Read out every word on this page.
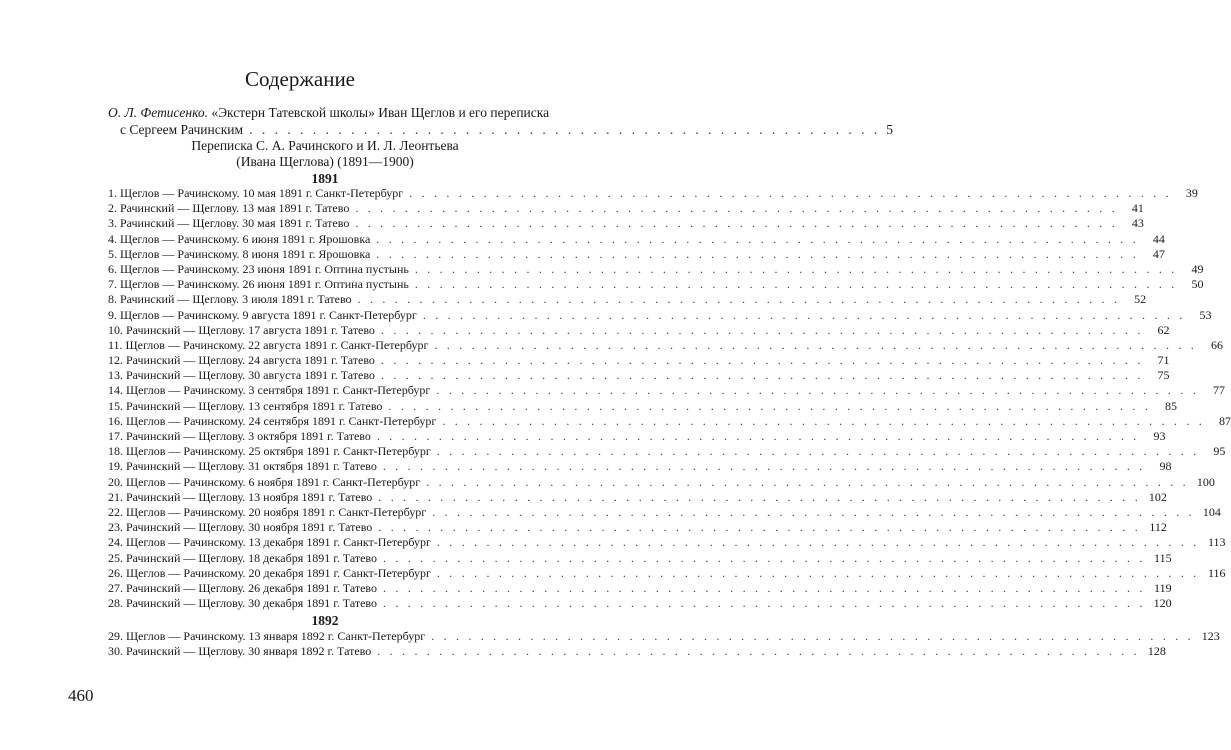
Содержание
О. Л. Фетисенко. «Экстерн Татевской школы» Иван Щеглов и его переписка
с Сергеем Рачинским . . . . . . . . . . . . . . . . . . . . . . . . . . . . . . . . . . . . . . . . . . . . . . . . . . 5
Переписка С. А. Рачинского и И. Л. Леонтьева
(Ивана Щеглова) (1891—1900)
1891
1. Щеглов — Рачинскому. 10 мая 1891 г. Санкт-Петербург . . . . . . . . . . . . . . . . . . . . . . . . . . . . . . . . . . . . . . . . . . . . . . . . . . . . . . . . . . . . . .	39
2. Рачинский — Щеглову. 13 мая 1891 г. Татево . . . . . . . . . . . . . . . . . . . . . . . . . . . . . . . . . . . . . . . . . . . . . . . . . . . . . . . . . . . . . .	41
3. Рачинский — Щеглову. 30 мая 1891 г. Татево . . . . . . . . . . . . . . . . . . . . . . . . . . . . . . . . . . . . . . . . . . . . . . . . . . . . . . . . . . . . . .	43
4. Щеглов — Рачинскому. 6 июня 1891 г. Ярошовка . . . . . . . . . . . . . . . . . . . . . . . . . . . . . . . . . . . . . . . . . . . . . . . . . . . . . . . . . . . . . .	44
5. Щеглов — Рачинскому. 8 июня 1891 г. Ярошовка . . . . . . . . . . . . . . . . . . . . . . . . . . . . . . . . . . . . . . . . . . . . . . . . . . . . . . . . . . . . . .	47
6. Щеглов — Рачинскому. 23 июня 1891 г. Оптина пустынь . . . . . . . . . . . . . . . . . . . . . . . . . . . . . . . . . . . . . . . . . . . . . . . . . . . . . . . . . . . . . .	49
7. Щеглов — Рачинскому. 26 июня 1891 г. Оптина пустынь . . . . . . . . . . . . . . . . . . . . . . . . . . . . . . . . . . . . . . . . . . . . . . . . . . . . . . . . . . . . . .	50
8. Рачинский — Щеглову. 3 июля 1891 г. Татево . . . . . . . . . . . . . . . . . . . . . . . . . . . . . . . . . . . . . . . . . . . . . . . . . . . . . . . . . . . . . .	52
9. Щеглов — Рачинскому. 9 августа 1891 г. Санкт-Петербург . . . . . . . . . . . . . . . . . . . . . . . . . . . . . . . . . . . . . . . . . . . . . . . . . . . . . . . . . . . . . .	53
10. Рачинский — Щеглову. 17 августа 1891 г. Татево . . . . . . . . . . . . . . . . . . . . . . . . . . . . . . . . . . . . . . . . . . . . . . . . . . . . . . . . . . . . . .	62
11. Щеглов — Рачинскому. 22 августа 1891 г. Санкт-Петербург . . . . . . . . . . . . . . . . . . . . . . . . . . . . . . . . . . . . . . . . . . . . . . . . . . . . . . . . . . . . . .	66
12. Рачинский — Щеглову. 24 августа 1891 г. Татево . . . . . . . . . . . . . . . . . . . . . . . . . . . . . . . . . . . . . . . . . . . . . . . . . . . . . . . . . . . . . .	71
13. Рачинский — Щеглову. 30 августа 1891 г. Татево . . . . . . . . . . . . . . . . . . . . . . . . . . . . . . . . . . . . . . . . . . . . . . . . . . . . . . . . . . . . . .	75
14. Щеглов — Рачинскому. 3 сентября 1891 г. Санкт-Петербург . . . . . . . . . . . . . . . . . . . . . . . . . . . . . . . . . . . . . . . . . . . . . . . . . . . . . . . . . . . . . .	77
15. Рачинский — Щеглову. 13 сентября 1891 г. Татево . . . . . . . . . . . . . . . . . . . . . . . . . . . . . . . . . . . . . . . . . . . . . . . . . . . . . . . . . . . . . .	85
16. Щеглов — Рачинскому. 24 сентября 1891 г. Санкт-Петербург . . . . . . . . . . . . . . . . . . . . . . . . . . . . . . . . . . . . . . . . . . . . . . . . . . . . . . . . . . . . . .	87
17. Рачинский — Щеглову. 3 октября 1891 г. Татево . . . . . . . . . . . . . . . . . . . . . . . . . . . . . . . . . . . . . . . . . . . . . . . . . . . . . . . . . . . . . .	93
18. Щеглов — Рачинскому. 25 октября 1891 г. Санкт-Петербург . . . . . . . . . . . . . . . . . . . . . . . . . . . . . . . . . . . . . . . . . . . . . . . . . . . . . . . . . . . . . .	95
19. Рачинский — Щеглову. 31 октября 1891 г. Татево . . . . . . . . . . . . . . . . . . . . . . . . . . . . . . . . . . . . . . . . . . . . . . . . . . . . . . . . . . . . . .	98
20. Щеглов — Рачинскому. 6 ноября 1891 г. Санкт-Петербург . . . . . . . . . . . . . . . . . . . . . . . . . . . . . . . . . . . . . . . . . . . . . . . . . . . . . . . . . . . . . . 100
21. Рачинский — Щеглову. 13 ноября 1891 г. Татево . . . . . . . . . . . . . . . . . . . . . . . . . . . . . . . . . . . . . . . . . . . . . . . . . . . . . . . . . . . . . . 102
22. Щеглов — Рачинскому. 20 ноября 1891 г. Санкт-Петербург . . . . . . . . . . . . . . . . . . . . . . . . . . . . . . . . . . . . . . . . . . . . . . . . . . . . . . . . . . . . . . 104
23. Рачинский — Щеглову. 30 ноября 1891 г. Татево . . . . . . . . . . . . . . . . . . . . . . . . . . . . . . . . . . . . . . . . . . . . . . . . . . . . . . . . . . . . . . 112
24. Щеглов — Рачинскому. 13 декабря 1891 г. Санкт-Петербург . . . . . . . . . . . . . . . . . . . . . . . . . . . . . . . . . . . . . . . . . . . . . . . . . . . . . . . . . . . . . . 113
25. Рачинский — Щеглову. 18 декабря 1891 г. Татево . . . . . . . . . . . . . . . . . . . . . . . . . . . . . . . . . . . . . . . . . . . . . . . . . . . . . . . . . . . . . . 115
26. Щеглов — Рачинскому. 20 декабря 1891 г. Санкт-Петербург . . . . . . . . . . . . . . . . . . . . . . . . . . . . . . . . . . . . . . . . . . . . . . . . . . . . . . . . . . . . . . 116
27. Рачинский — Щеглову. 26 декабря 1891 г. Татево . . . . . . . . . . . . . . . . . . . . . . . . . . . . . . . . . . . . . . . . . . . . . . . . . . . . . . . . . . . . . . 119
28. Рачинский — Щеглову. 30 декабря 1891 г. Татево . . . . . . . . . . . . . . . . . . . . . . . . . . . . . . . . . . . . . . . . . . . . . . . . . . . . . . . . . . . . . . 120
1892
29. Щеглов — Рачинскому. 13 января 1892 г. Санкт-Петербург . . . . . . . . . . . . . . . . . . . . . . . . . . . . . . . . . . . . . . . . . . . . . . . . . . . . . . . . . . . . . . 123
30. Рачинский — Щеглову. 30 января 1892 г. Татево . . . . . . . . . . . . . . . . . . . . . . . . . . . . . . . . . . . . . . . . . . . . . . . . . . . . . . . . . . . . . . 128
460
